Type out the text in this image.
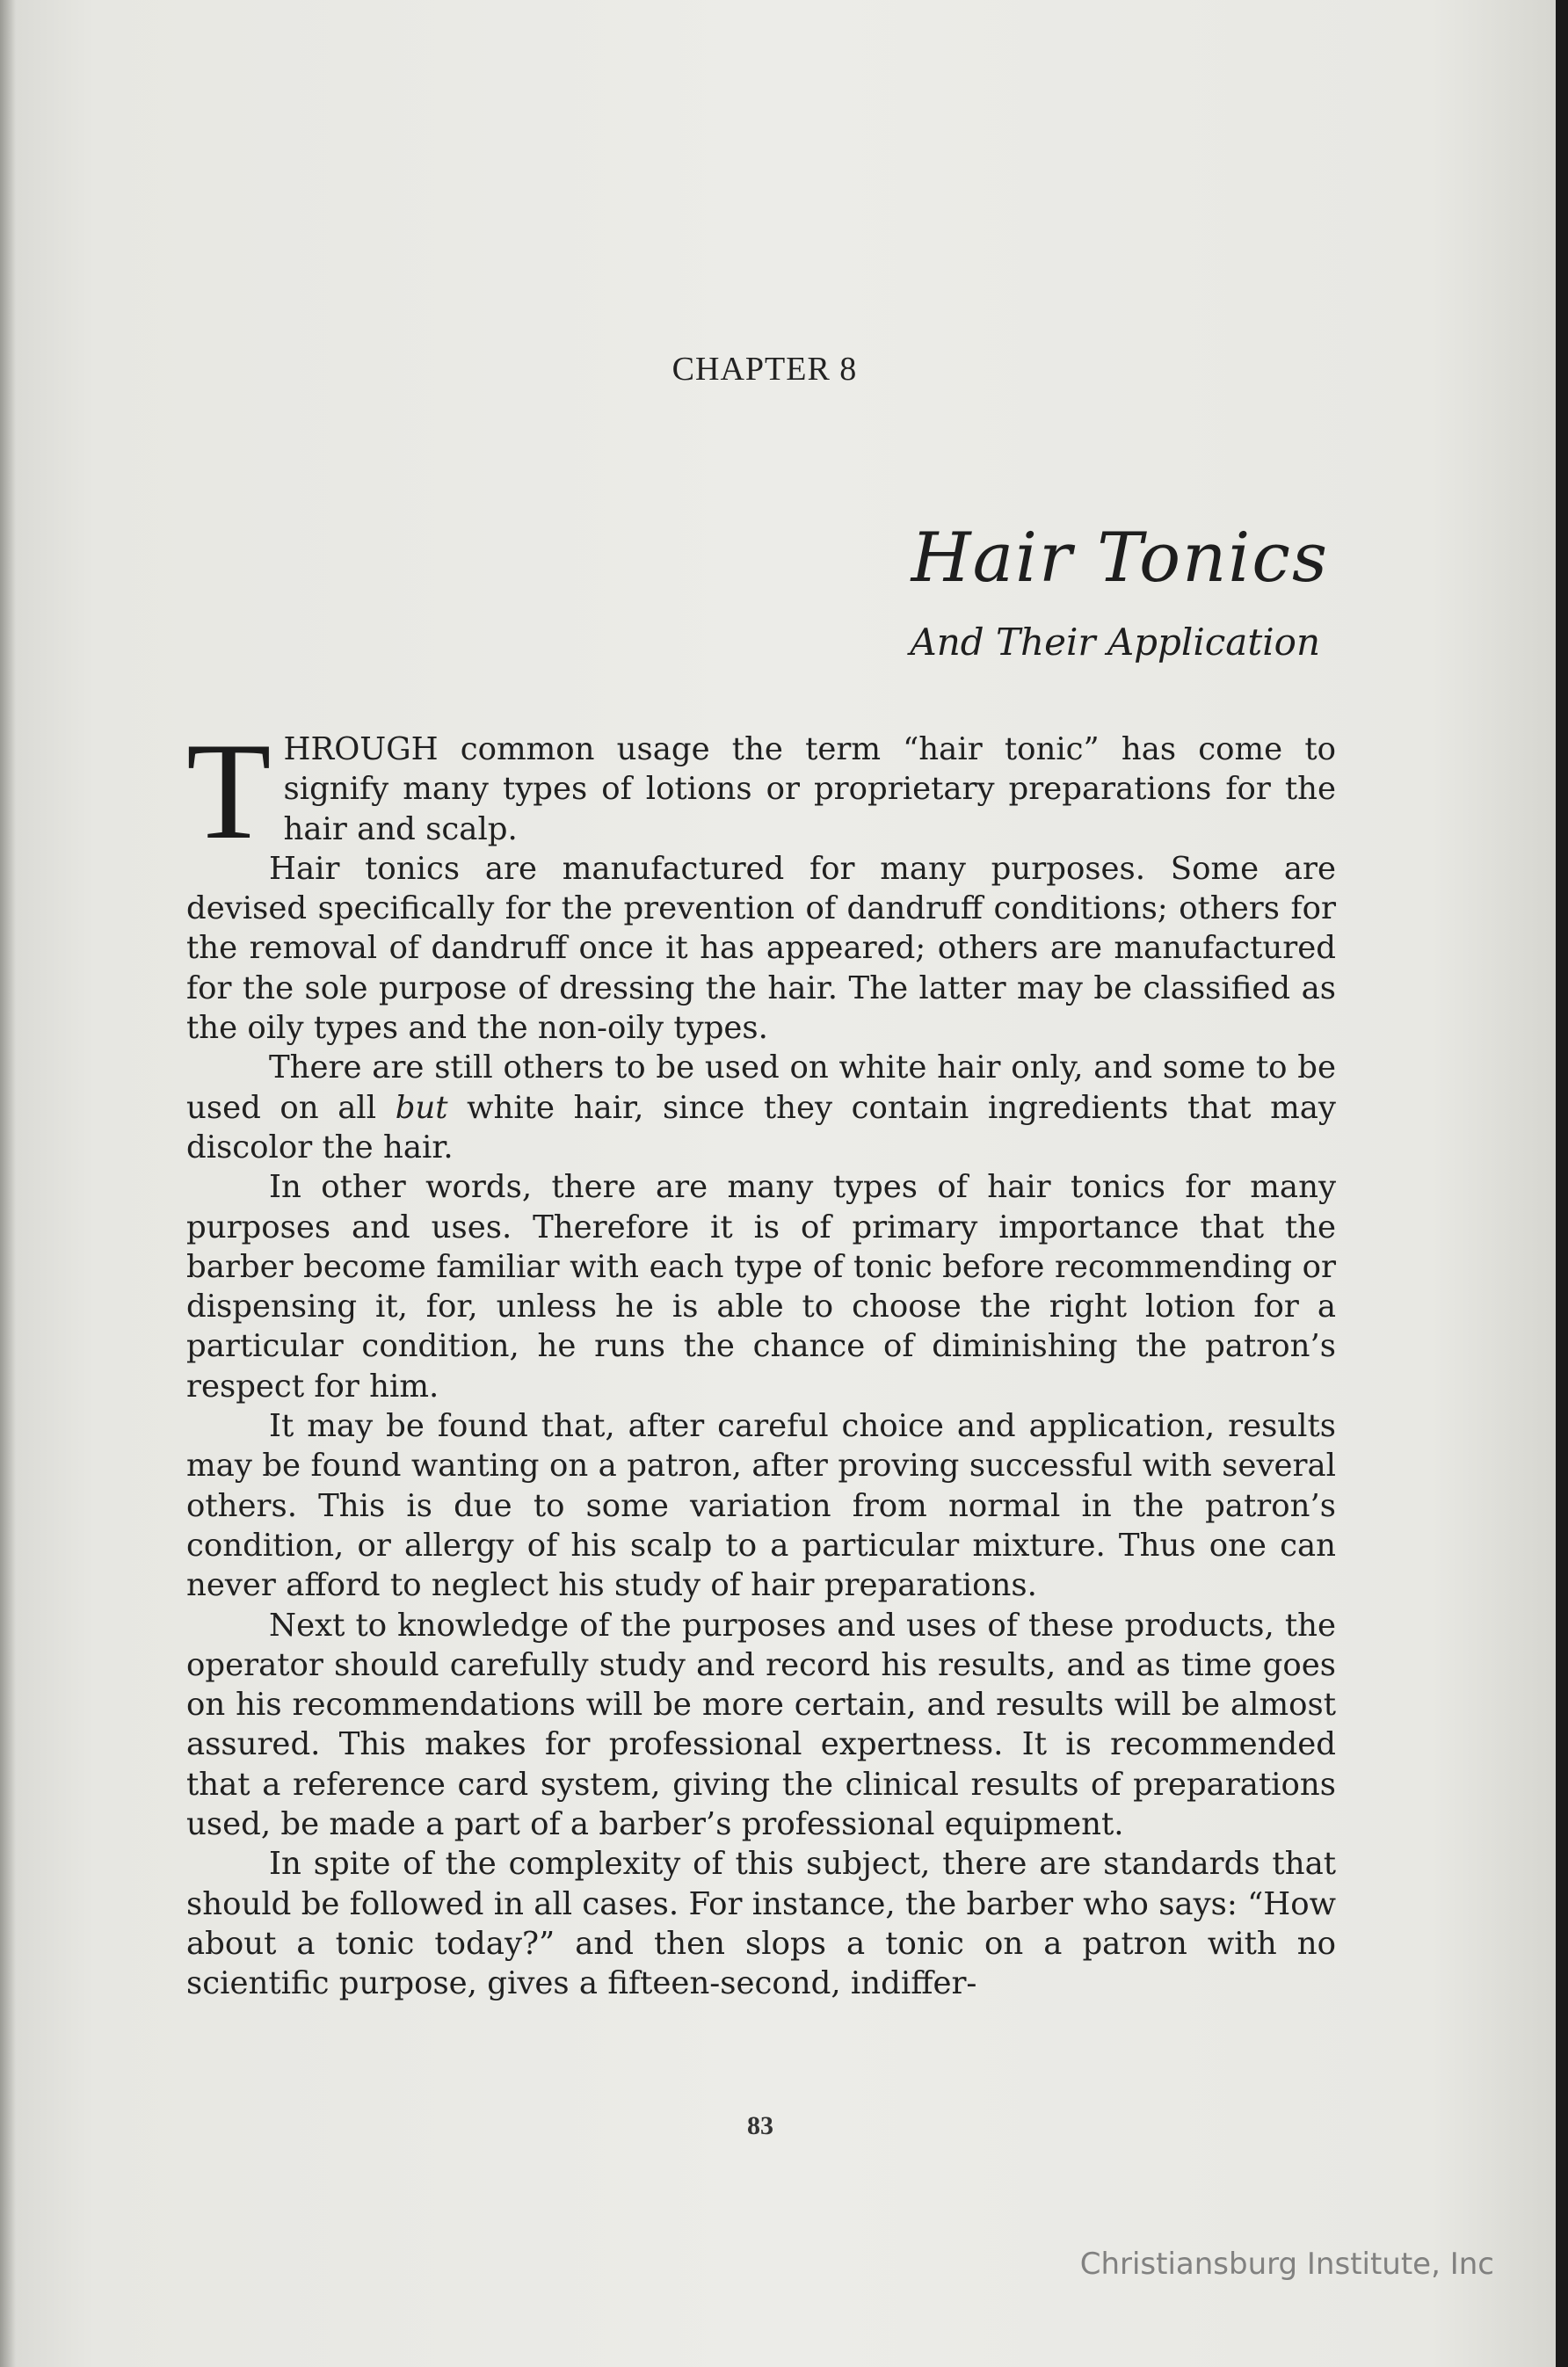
CHAPTER 8
Hair Tonics
And Their Application

THROUGH common usage the term “hair tonic” has come to signify many types of lotions or proprietary preparations for the hair and scalp.

Hair tonics are manufactured for many purposes. Some are devised specifically for the prevention of dandruff conditions; others for the removal of dandruff once it has appeared; others are manufactured for the sole purpose of dressing the hair. The latter may be classified as the oily types and the non-oily types.

There are still others to be used on white hair only, and some to be used on all but white hair, since they contain ingredients that may discolor the hair.

In other words, there are many types of hair tonics for many purposes and uses. Therefore it is of primary importance that the barber become familiar with each type of tonic before recommending or dispensing it, for, unless he is able to choose the right lotion for a particular condition, he runs the chance of diminishing the patron’s respect for him.

It may be found that, after careful choice and application, results may be found wanting on a patron, after proving successful with several others. This is due to some variation from normal in the patron’s condition, or allergy of his scalp to a particular mixture. Thus one can never afford to neglect his study of hair preparations.

Next to knowledge of the purposes and uses of these products, the operator should carefully study and record his results, and as time goes on his recommendations will be more certain, and results will be almost assured. This makes for professional expertness. It is recommended that a reference card system, giving the clinical results of preparations used, be made a part of a barber’s professional equipment.

In spite of the complexity of this subject, there are standards that should be followed in all cases. For instance, the barber who says: “How about a tonic today?” and then slops a tonic on a patron with no scientific purpose, gives a fifteen-second, indiffer-

83
Christiansburg Institute, Inc
